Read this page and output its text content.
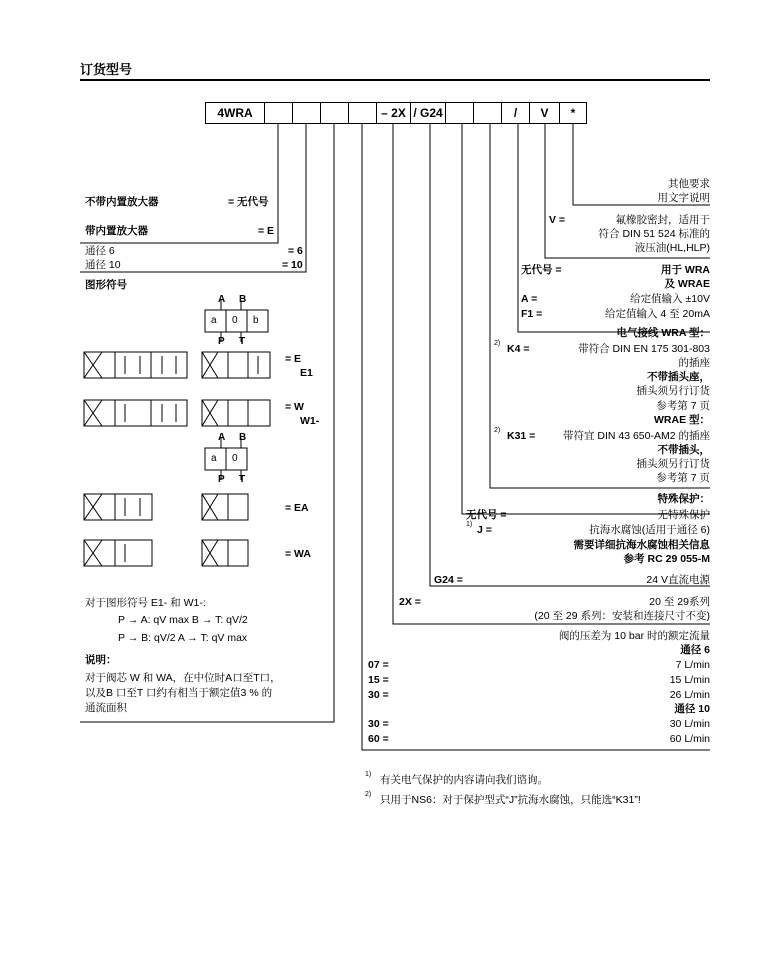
订货型号
4WRA	– 2X / G24	/	V	*
不带内置放大器	= 无代号
带内置放大器	= E
通径 6	= 6
通径 10	= 10
图形符号
A B
a 0 b
P T
= E
E1
= W
W1-
A B
a 0
P T
= EA
= WA
对于图形符号 E1- 和 W1-:
P → A: qV max B → T: qV/2
P → B: qV/2 A → T: qV max
说明：
对于阀芯 W 和 WA，在中位时A口至T口，
以及B 口至T 口约有相当于额定值3 % 的
通流面积
其他要求
用文字说明
V =	氟橡胶密封，适用于
符合 DIN 51 524 标准的
液压油(HL,HLP)
无代号 =	用于 WRA
及 WRAE
A =	给定值输入 ±10V
F1 =	给定值输入 4 至 20mA
电气接线 WRA 型：
2) K4 =	带符合 DIN EN 175 301-803
的插座
不带插头座，
插头须另行订货
参考第 7 页
WRAE 型：
2) K31 =	带符宜 DIN 43 650-AM2 的插座
不带插头，
插头须另行订货
参考第 7 页
特殊保护：
无代号 =	无特殊保护
1) J =	抗海水腐蚀(适用于通径 6)
需要详细抗海水腐蚀相关信息
参考 RC 29 055-M
G24 =	24 V直流电源
2X =	20 至 29系列
(20 至 29 系列：安装和连接尺寸不变)
阀的压差为 10 bar 时的额定流量
通径 6
07 =	7 L/min
15 =	15 L/min
30 =	26 L/min
通径 10
30 =	30 L/min
60 =	60 L/min
1) 有关电气保护的内容请向我们谘询。
2) 只用于NS6：对于保护型式“J”抗海水腐蚀，只能选“K31”!
